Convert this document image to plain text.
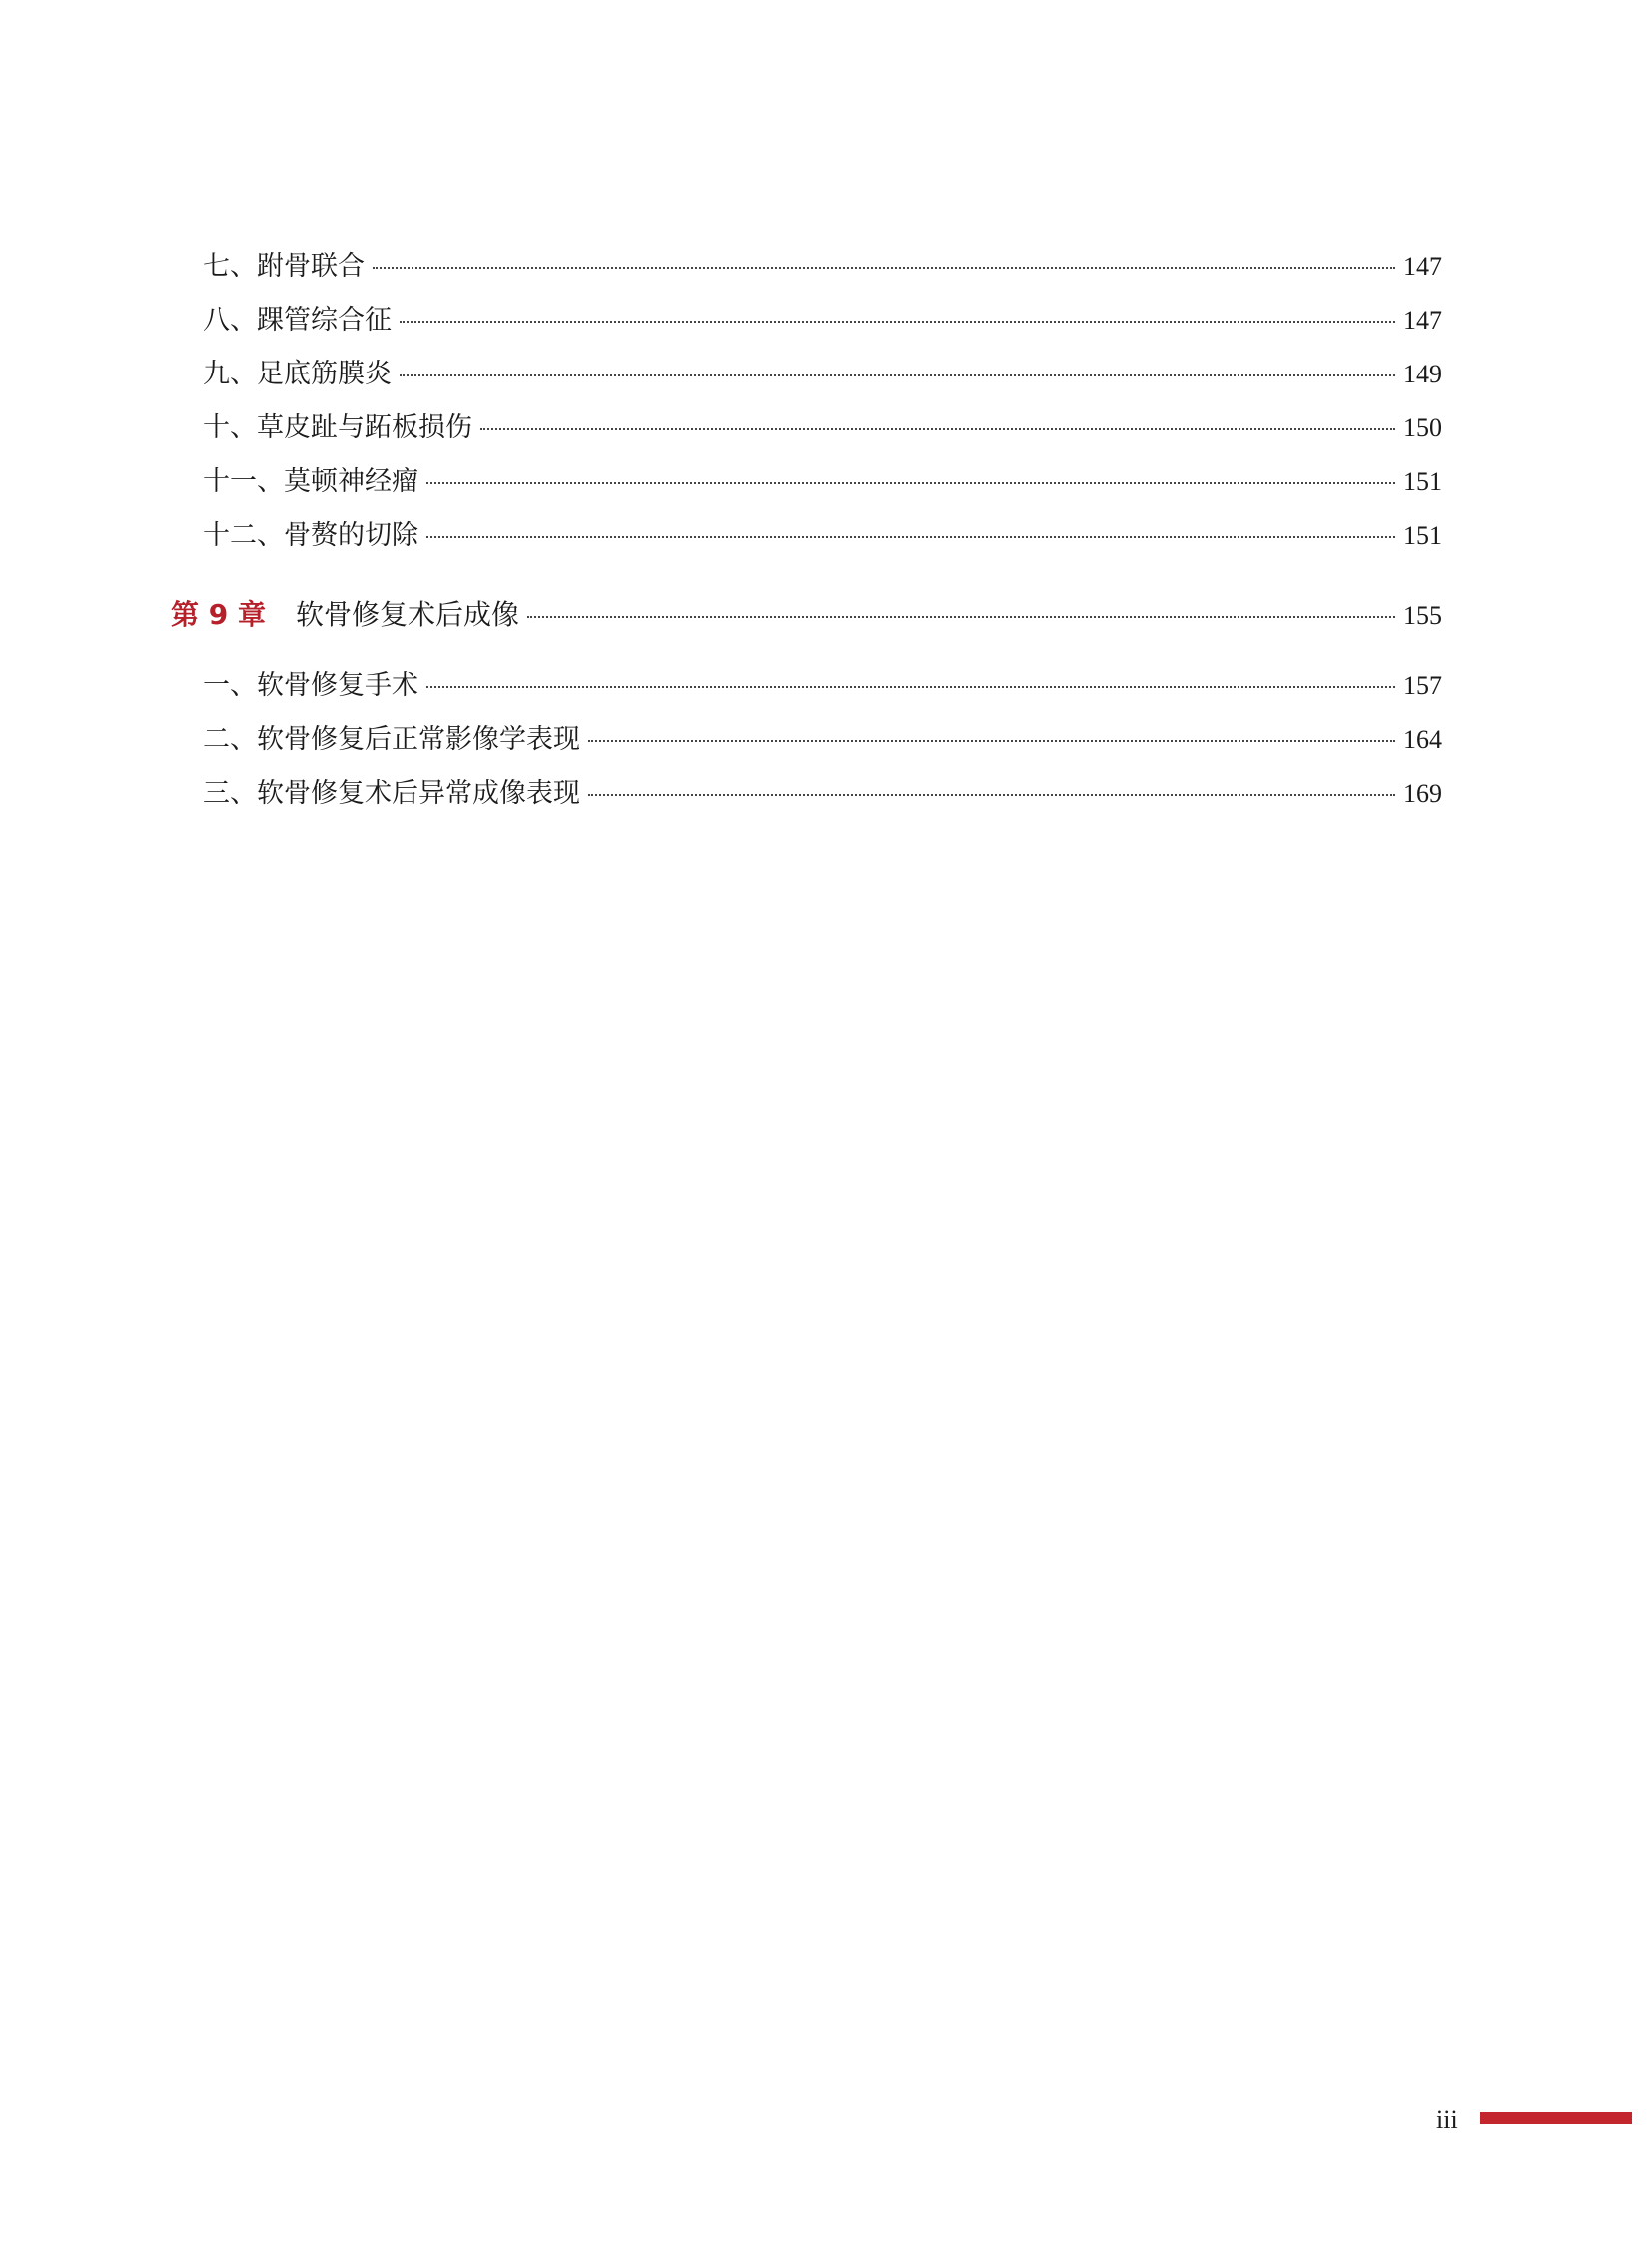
七、跗骨联合	147
八、踝管综合征	147
九、足底筋膜炎	149
十、草皮趾与跖板损伤	150
十一、莫顿神经瘤	151
十二、骨赘的切除	151
第 9 章 软骨修复术后成像	155
一、软骨修复手术	157
二、软骨修复后正常影像学表现	164
三、软骨修复术后异常成像表现	169
iii
